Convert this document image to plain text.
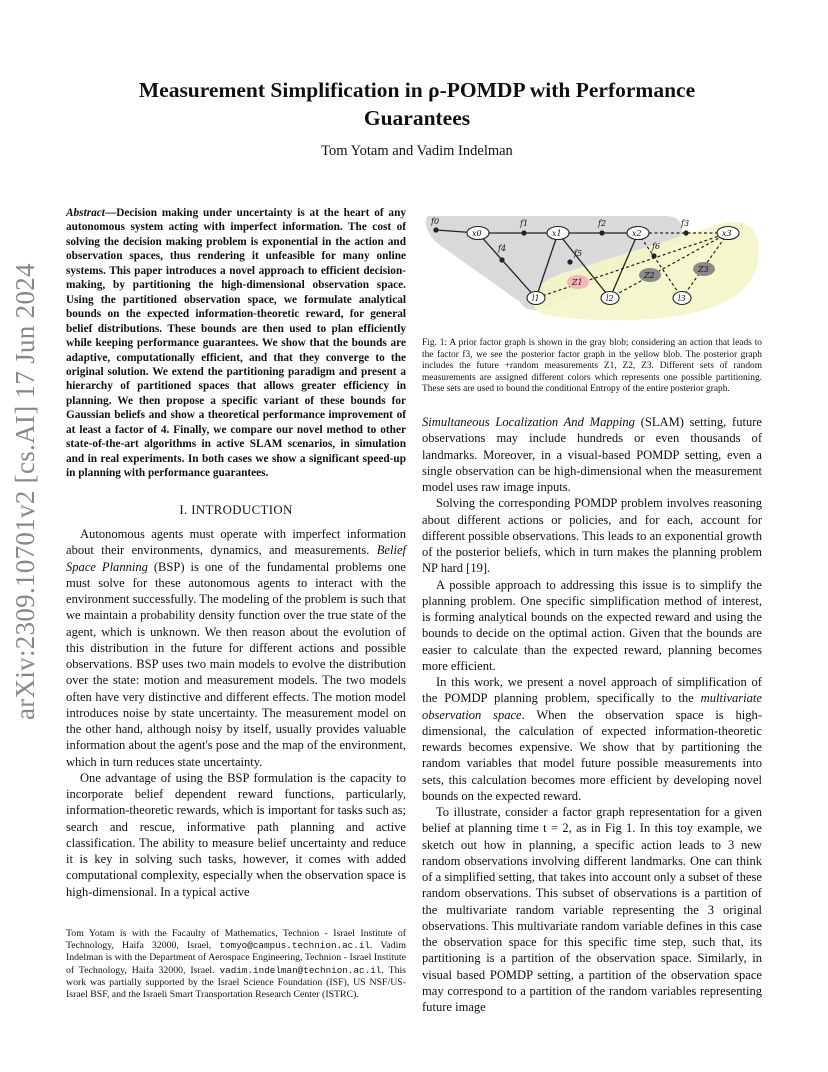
arXiv:2309.10701v2 [cs.AI] 17 Jun 2024
Measurement Simplification in ρ-POMDP with Performance
Guarantees
Tom Yotam and Vadim Indelman
Abstract—Decision making under uncertainty is at the heart of any autonomous system acting with imperfect information. The cost of solving the decision making problem is exponential in the action and observation spaces, thus rendering it unfeasible for many online systems. This paper introduces a novel approach to efficient decision-making, by partitioning the high-dimensional observation space. Using the partitioned observation space, we formulate analytical bounds on the expected information-theoretic reward, for general belief distributions. These bounds are then used to plan efficiently while keeping performance guarantees. We show that the bounds are adaptive, computationally efficient, and that they converge to the original solution. We extend the partitioning paradigm and present a hierarchy of partitioned spaces that allows greater efficiency in planning. We then propose a specific variant of these bounds for Gaussian beliefs and show a theoretical performance improvement of at least a factor of 4. Finally, we compare our novel method to other state-of-the-art algorithms in active SLAM scenarios, in simulation and in real experiments. In both cases we show a significant speed-up in planning with performance guarantees.
I. INTRODUCTION

Autonomous agents must operate with imperfect information about their environments, dynamics, and measurements. Belief Space Planning (BSP) is one of the fundamental problems one must solve for these autonomous agents to interact with the environment successfully. The modeling of the problem is such that we maintain a probability density function over the true state of the agent, which is unknown. We then reason about the evolution of this distribution in the future for different actions and possible observations. BSP uses two main models to evolve the distribution over the state: motion and measurement models. The two models often have very distinctive and different effects. The motion model introduces noise by state uncertainty. The measurement model on the other hand, although noisy by itself, usually provides valuable information about the agent's pose and the map of the environment, which in turn reduces state uncertainty.

One advantage of using the BSP formulation is the capacity to incorporate belief dependent reward functions, particularly, information-theoretic rewards, which is important for tasks such as; search and rescue, informative path planning and active classification. The ability to measure belief uncertainty and reduce it is key in solving such tasks, however, it comes with added computational complexity, especially when the observation space is high-dimensional. In a typical active

Tom Yotam is with the Facaulty of Mathematics, Technion - Israel Institute of Technology, Haifa 32000, Israel, tomyo@campus.technion.ac.il. Vadim Indelman is with the Department of Aerospace Engineering, Technion - Israel Institute of Technology, Haifa 32000, Israel. vadim.indelman@technion.ac.il. This work was partially supported by the Israel Science Foundation (ISF), US NSF/US-Israel BSF, and the Israeli Smart Transportation Research Center (ISTRC).
f0	f1	f2	f3
f4
f5
f6
x0	x1	x2	x3
l1	l2	l3
Z1
Z2
Z3
Fig. 1: A prior factor graph is shown in the gray blob; considering an action that leads to the factor f3, we see the posterior factor graph in the yellow blob. The posterior graph includes the future +random measurements Z1, Z2, Z3. Different sets of random measurements are assigned different colors which represents one possible partitioning. These sets are used to bound the conditional Entropy of the entire posterior graph.

Simultaneous Localization And Mapping (SLAM) setting, future observations may include hundreds or even thousands of landmarks. Moreover, in a visual-based POMDP setting, even a single observation can be high-dimensional when the measurement model uses raw image inputs.

Solving the corresponding POMDP problem involves reasoning about different actions or policies, and for each, account for different possible observations. This leads to an exponential growth of the posterior beliefs, which in turn makes the planning problem NP hard [19].

A possible approach to addressing this issue is to simplify the planning problem. One specific simplification method of interest, is forming analytical bounds on the expected reward and using the bounds to decide on the optimal action. Given that the bounds are easier to calculate than the expected reward, planning becomes more efficient.

In this work, we present a novel approach of simplification of the POMDP planning problem, specifically to the multivariate observation space. When the observation space is high-dimensional, the calculation of expected information-theoretic rewards becomes expensive. We show that by partitioning the random variables that model future possible measurements into sets, this calculation becomes more efficient by developing novel bounds on the expected reward.

To illustrate, consider a factor graph representation for a given belief at planning time t = 2, as in Fig 1. In this toy example, we sketch out how in planning, a specific action leads to 3 new random observations involving different landmarks. One can think of a simplified setting, that takes into account only a subset of these random observations. This subset of observations is a partition of the multivariate random variable representing the 3 original observations. This multivariate random variable defines in this case the observation space for this specific time step, such that, its partitioning is a partition of the observation space. Similarly, in visual based POMDP setting, a partition of the observation space may correspond to a partition of the random variables representing future image
